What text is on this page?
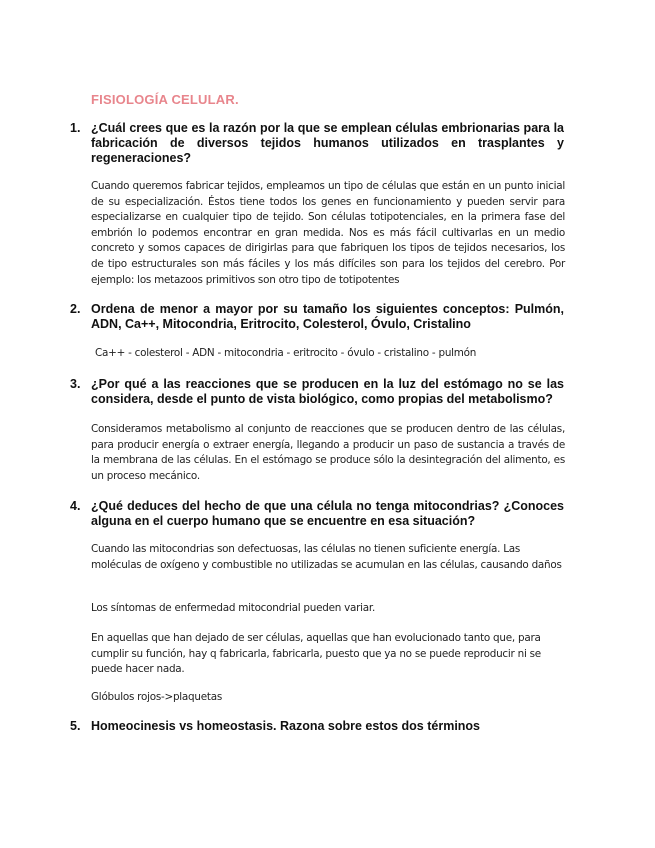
FISIOLOGÍA CELULAR.
1. ¿Cuál crees que es la razón por la que se emplean células embrionarias para la fabricación de diversos tejidos humanos utilizados en trasplantes y regeneraciones?
Cuando queremos fabricar tejidos, empleamos un tipo de células que están en un punto inicial de su especialización. Éstos tiene todos los genes en funcionamiento y pueden servir para especializarse en cualquier tipo de tejido. Son células totipotenciales, en la primera fase del embrión lo podemos encontrar en gran medida. Nos es más fácil cultivarlas en un medio concreto y somos capaces de dirigirlas para que fabriquen los tipos de tejidos necesarios, los de tipo estructurales son más fáciles y los más difíciles son para los tejidos del cerebro. Por ejemplo: los metazoos primitivos son otro tipo de totipotentes
2. Ordena de menor a mayor por su tamaño los siguientes conceptos: Pulmón, ADN, Ca++, Mitocondria, Eritrocito, Colesterol, Óvulo, Cristalino
Ca++ - colesterol - ADN - mitocondria - eritrocito - óvulo - cristalino - pulmón
3. ¿Por qué a las reacciones que se producen en la luz del estómago no se las considera, desde el punto de vista biológico, como propias del metabolismo?
Consideramos metabolismo al conjunto de reacciones que se producen dentro de las células, para producir energía o extraer energía, llegando a producir un paso de sustancia a través de la membrana de las células. En el estómago se produce sólo la desintegración del alimento, es un proceso mecánico.
4. ¿Qué deduces del hecho de que una célula no tenga mitocondrias? ¿Conoces alguna en el cuerpo humano que se encuentre en esa situación?
Cuando las mitocondrias son defectuosas, las células no tienen suficiente energía. Las moléculas de oxígeno y combustible no utilizadas se acumulan en las células, causando daños
Los síntomas de enfermedad mitocondrial pueden variar.
En aquellas que han dejado de ser células, aquellas que han evolucionado tanto que, para cumplir su función, hay q fabricarla, fabricarla, puesto que ya no se puede reproducir ni se puede hacer nada.
Glóbulos rojos->plaquetas
5. Homeocinesis vs homeostasis. Razona sobre estos dos términos
